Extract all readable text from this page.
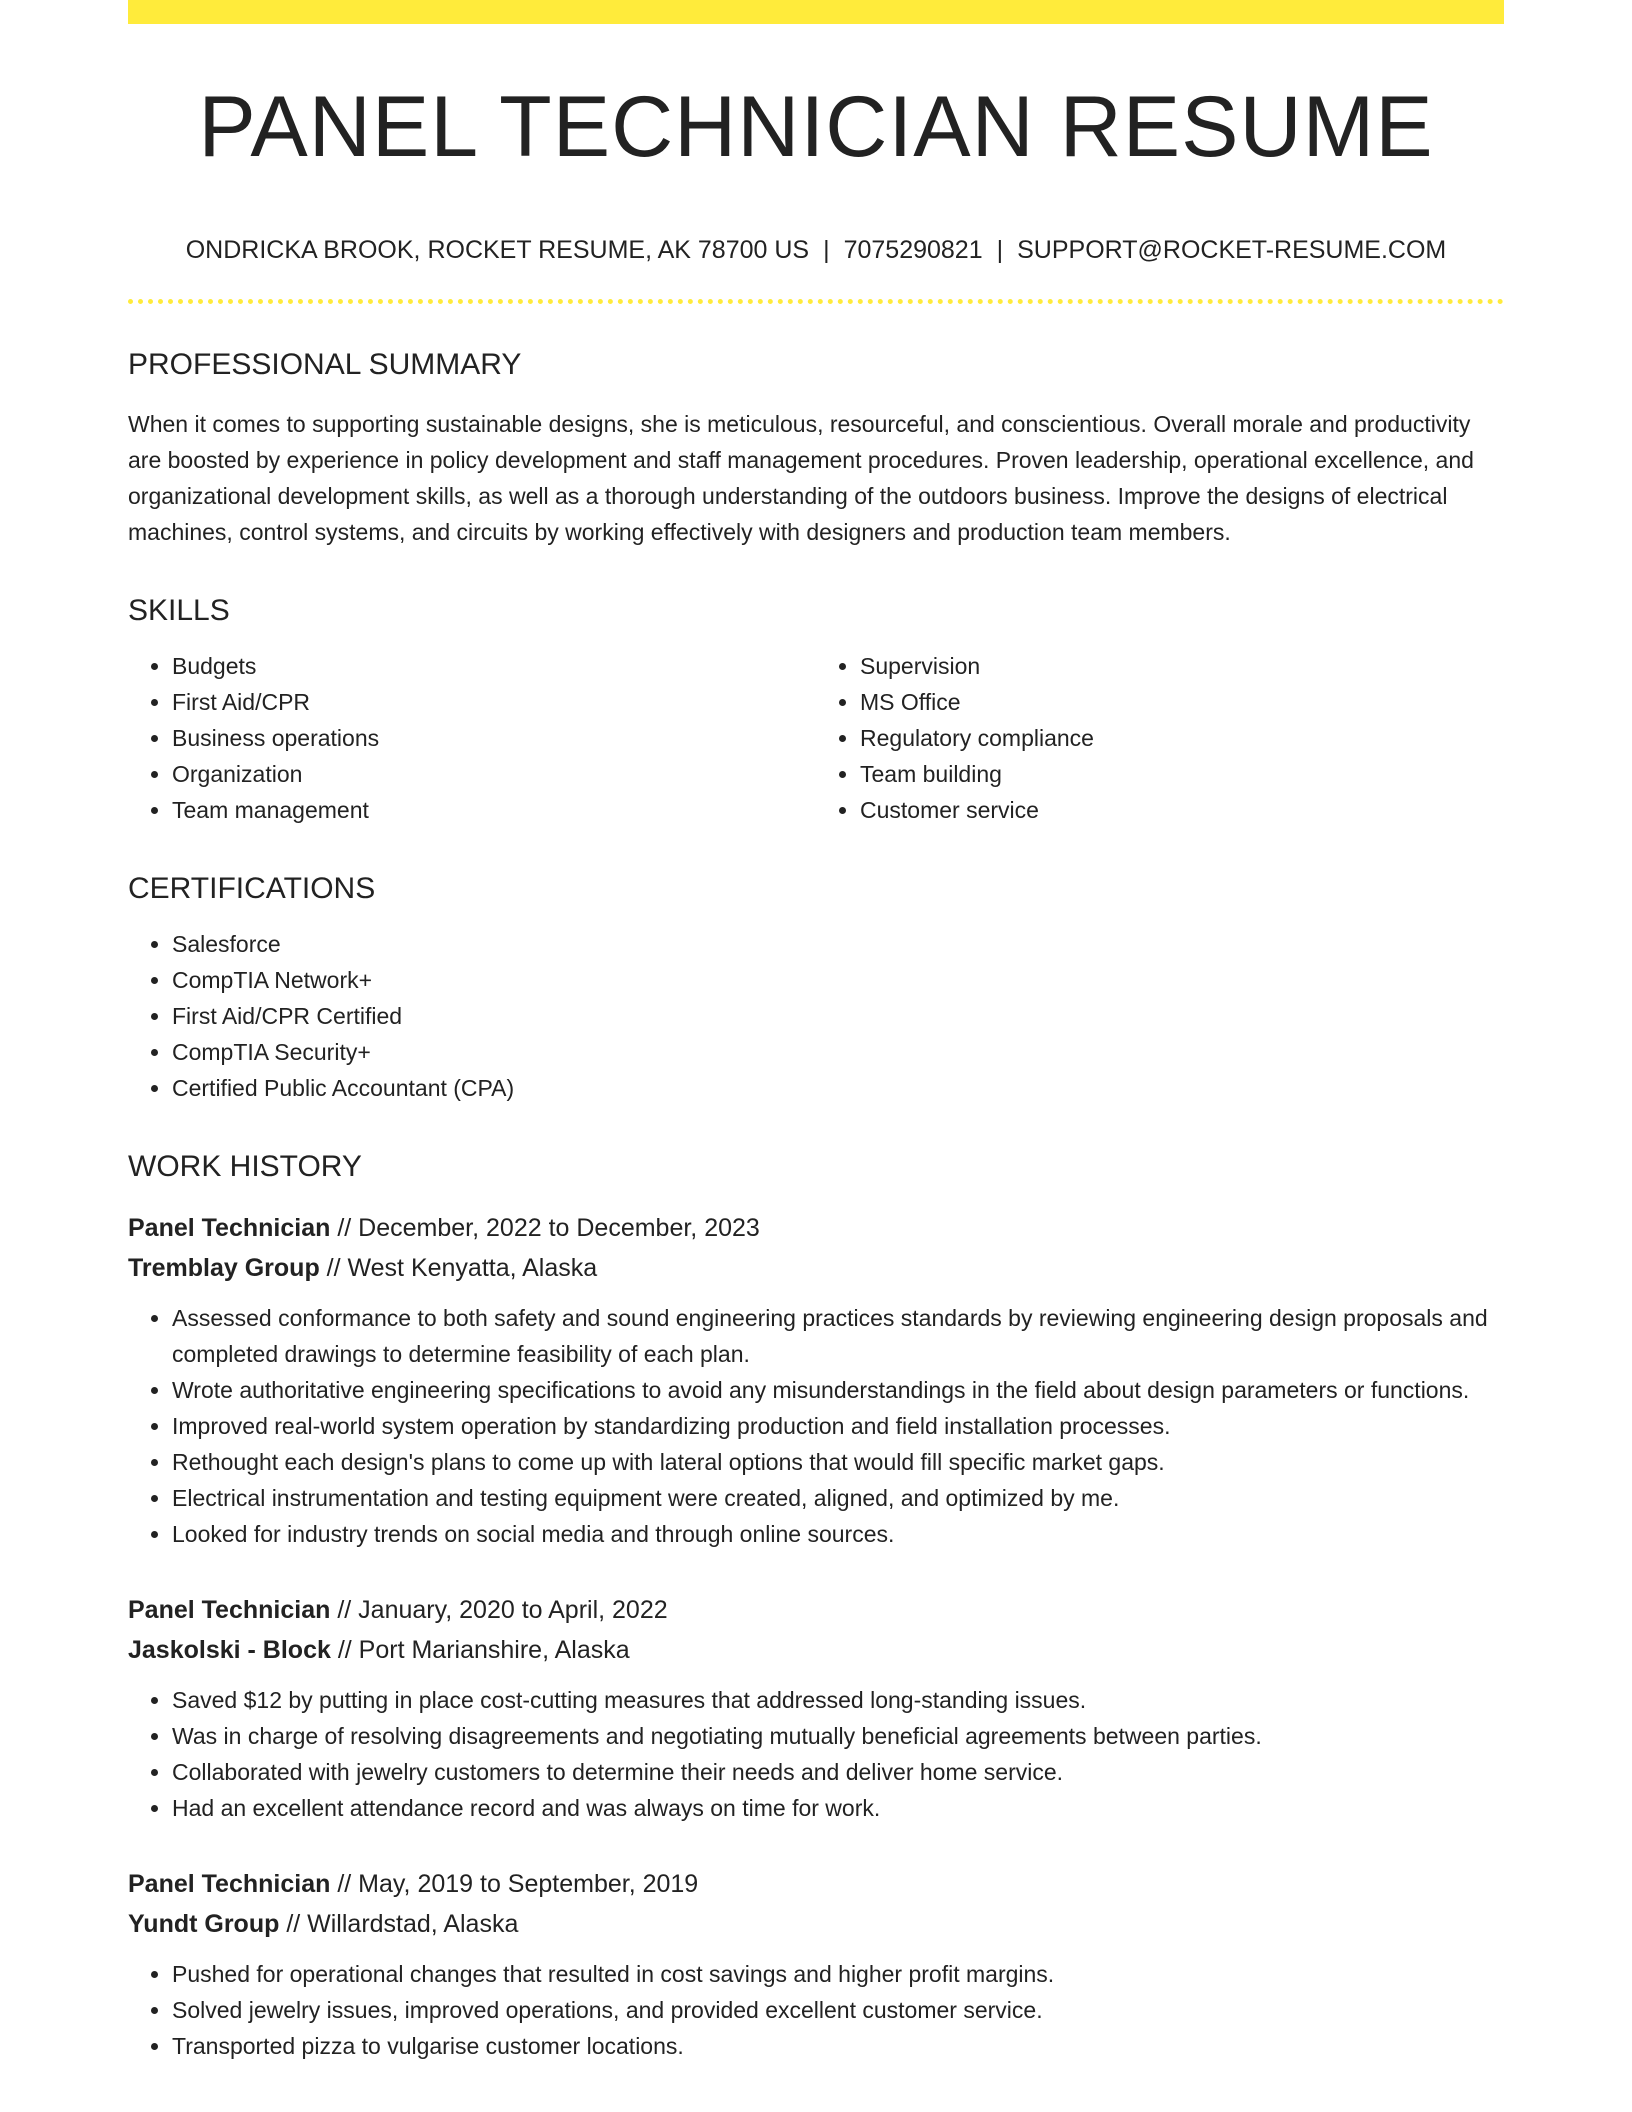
PANEL TECHNICIAN RESUME
ONDRICKA BROOK, ROCKET RESUME, AK 78700 US | 7075290821 | SUPPORT@ROCKET-RESUME.COM
PROFESSIONAL SUMMARY
When it comes to supporting sustainable designs, she is meticulous, resourceful, and conscientious. Overall morale and productivity are boosted by experience in policy development and staff management procedures. Proven leadership, operational excellence, and organizational development skills, as well as a thorough understanding of the outdoors business. Improve the designs of electrical machines, control systems, and circuits by working effectively with designers and production team members.
SKILLS
• Budgets
• First Aid/CPR
• Business operations
• Organization
• Team management
• Supervision
• MS Office
• Regulatory compliance
• Team building
• Customer service
CERTIFICATIONS
• Salesforce
• CompTIA Network+
• First Aid/CPR Certified
• CompTIA Security+
• Certified Public Accountant (CPA)
WORK HISTORY
Panel Technician // December, 2022 to December, 2023
Tremblay Group // West Kenyatta, Alaska
• Assessed conformance to both safety and sound engineering practices standards by reviewing engineering design proposals and completed drawings to determine feasibility of each plan.
• Wrote authoritative engineering specifications to avoid any misunderstandings in the field about design parameters or functions.
• Improved real-world system operation by standardizing production and field installation processes.
• Rethought each design's plans to come up with lateral options that would fill specific market gaps.
• Electrical instrumentation and testing equipment were created, aligned, and optimized by me.
• Looked for industry trends on social media and through online sources.
Panel Technician // January, 2020 to April, 2022
Jaskolski - Block // Port Marianshire, Alaska
• Saved $12 by putting in place cost-cutting measures that addressed long-standing issues.
• Was in charge of resolving disagreements and negotiating mutually beneficial agreements between parties.
• Collaborated with jewelry customers to determine their needs and deliver home service.
• Had an excellent attendance record and was always on time for work.
Panel Technician // May, 2019 to September, 2019
Yundt Group // Willardstad, Alaska
• Pushed for operational changes that resulted in cost savings and higher profit margins.
• Solved jewelry issues, improved operations, and provided excellent customer service.
• Transported pizza to vulgarise customer locations.
